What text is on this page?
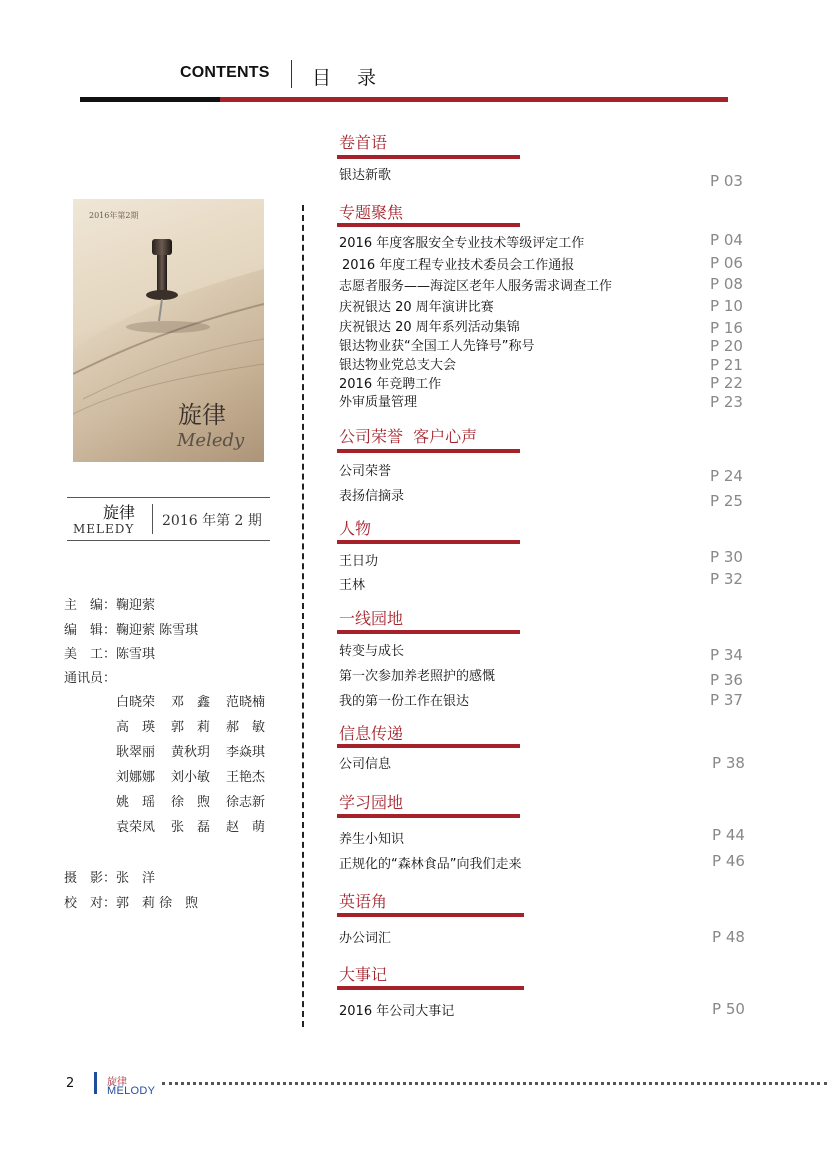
CONTENTS 目 录
2016年第2期
旋律
Meledy
旋律
MELEDY 2016 年第 2 期
主　编：鞠迎萦
编　辑：鞠迎萦 陈雪琪
美　工：陈雪琪
通讯员：
白晓荣 邓　鑫 范晓楠
高　瑛 郭　莉 郝　敏
耿翠丽 黄秋玥 李焱琪
刘娜娜 刘小敏 王艳杰
姚　瑶 徐　煦 徐志新
袁荣凤 张　磊 赵　萌
摄　影：张　洋
校　对：郭　莉 徐　煦
卷首语
银达新歌	P 03
专题聚焦
2016 年度客服安全专业技术等级评定工作	P 04
2016 年度工程专业技术委员会工作通报	P 06
志愿者服务——海淀区老年人服务需求调查工作	P 08
庆祝银达 20 周年演讲比赛	P 10
庆祝银达 20 周年系列活动集锦	P 16
银达物业获“全国工人先锋号”称号	P 20
银达物业党总支大会	P 21
2016 年竞聘工作	P 22
外审质量管理	P 23
公司荣誉  客户心声
公司荣誉	P 24
表扬信摘录	P 25
人物
王日功	P 30
王林	P 32
一线园地
转变与成长	P 34
第一次参加养老照护的感慨	P 36
我的第一份工作在银达	P 37
信息传递
公司信息	P 38
学习园地
养生小知识	P 44
正规化的“森林食品”向我们走来	P 46
英语角
办公词汇	P 48
大事记
2016 年公司大事记	P 50
2	旋律
MELODY
